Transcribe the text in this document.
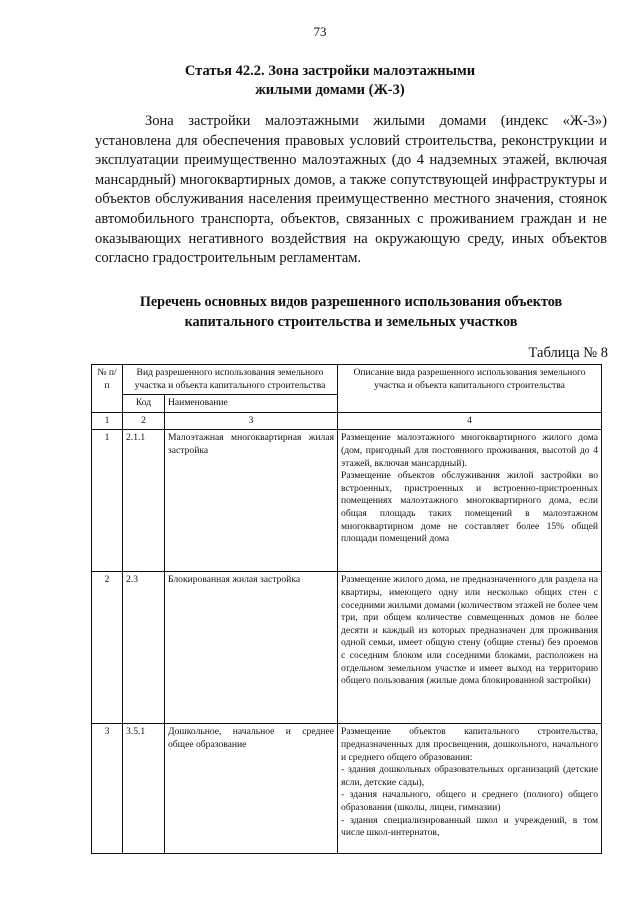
73
Статья 42.2. Зона застройки малоэтажными
жилыми домами (Ж-3)

Зона застройки малоэтажными жилыми домами (индекс «Ж-3») установлена для обеспечения правовых условий строительства, реконструкции и эксплуатации преимущественно малоэтажных (до 4 надземных этажей, включая мансардный) многоквартирных домов, а также сопутствующей инфраструктуры и объектов обслуживания населения преимущественно местного значения, стоянок автомобильного транспорта, объектов, связанных с проживанием граждан и не оказывающих негативного воздействия на окружающую среду, иных объектов согласно градостроительным регламентам.

Перечень основных видов разрешенного использования объектов
капитального строительства и земельных участков
Таблица № 8
№ п/п	Вид разрешенного использования земельного участка и объекта капитального строительства		Описание вида разрешенного использования земельного участка и объекта капитального строительства
	Код	Наименование	
1	2	3	4
1	2.1.1	Малоэтажная многоквартирная жилая застройка	Размещение малоэтажного многоквартирного жилого дома (дом, пригодный для постоянного проживания, высотой до 4 этажей, включая мансардный).

Размещение объектов обслуживания жилой застройки во встроенных, пристроенных и встроенно-пристроенных помещениях малоэтажного многоквартирного дома, если общая площадь таких помещений в малоэтажном многоквартирном доме не составляет более 15% общей площади помещений дома

2	2.3	Блокированная жилая застройка	Размещение жилого дома, не предназначенного для раздела на квартиры, имеющего одну или несколько общих стен с соседними жилыми домами (количеством этажей не более чем три, при общем количестве совмещенных домов не более десяти и каждый из которых предназначен для проживания одной семьи, имеет общую стену (общие стены) без проемов с соседним блоком или соседними блоками, расположен на отдельном земельном участке и имеет выход на территорию общего пользования (жилые дома блокированной застройки)

3	3.5.1	Дошкольное, начальное и среднее общее образование	Размещение объектов капитального строительства, предназначенных для просвещения, дошкольного, начального и среднего общего образования:

- здания дошкольных образовательных организаций (детские ясли, детские сады),

- здания начального, общего и среднего (полного) общего образования (школы, лицеи, гимназии)

- здания специализированный школ и учреждений, в том числе школ-интернатов,
